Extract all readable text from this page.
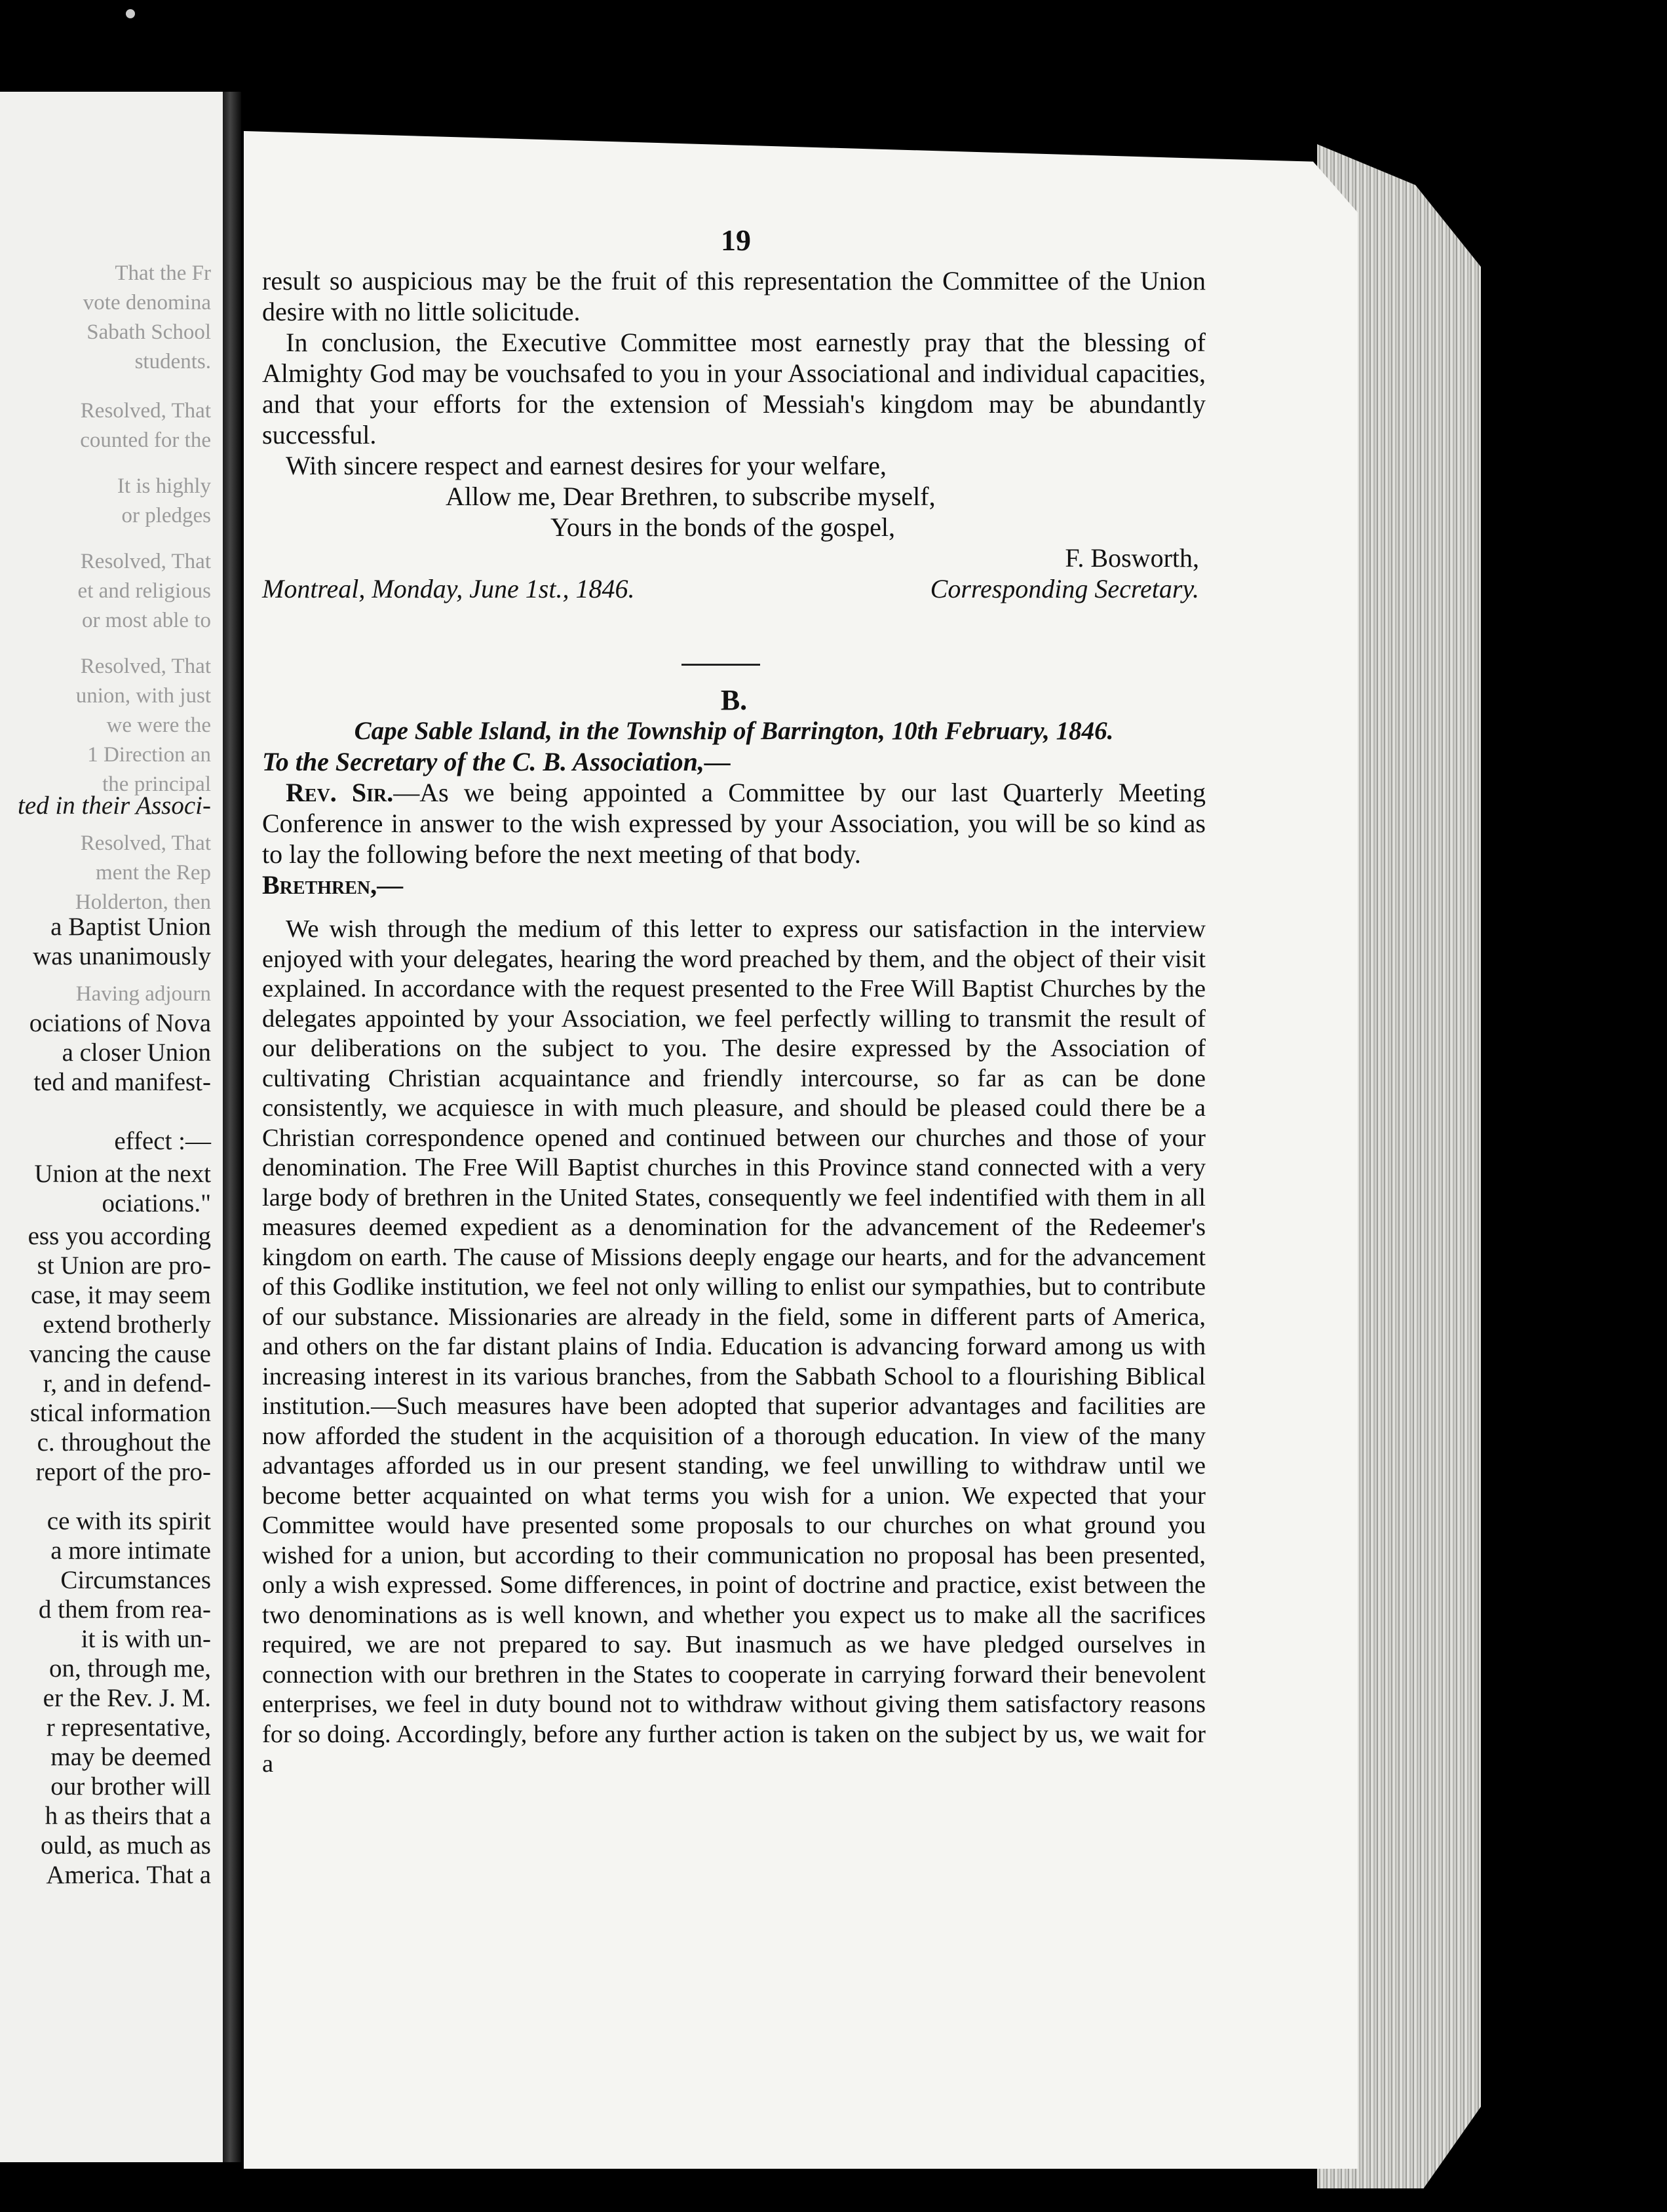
That the Fr
vote denomina
Sabath School
students.
Resolved, That
counted for the
It is highly
or pledges
Resolved, That
et and religious
or most able to
Resolved, That
union, with just
we were the
1 Direction an
the principal
ted in their Associ-
Resolved, That
ment the Rep
Holderton, then
a Baptist Union
was unanimously
Having adjourn
ociations of Nova
a closer Union
ted and manifest-
effect :—
Union at the next
ociations."
ess you according
st Union are pro-
case, it may seem
extend brotherly
vancing the cause
r, and in defend-
stical information
c. throughout the
report of the pro-
ce with its spirit
a more intimate
Circumstances
d them from rea-
it is with un-
on, through me,
er the Rev. J. M.
r representative,
may be deemed
our brother will
h as theirs that a
ould, as much as
America. That a
19

result so auspicious may be the fruit of this representation the Committee of the Union desire with no little solicitude.

In conclusion, the Executive Committee most earnestly pray that the blessing of Almighty God may be vouchsafed to you in your Associational and individual capacities, and that your efforts for the extension of Messiah's kingdom may be abundantly successful.

With sincere respect and earnest desires for your welfare,

Allow me, Dear Brethren, to subscribe myself,

Yours in the bonds of the gospel,

F. Bosworth,

Montreal, Monday, June 1st., 1846.	Corresponding Secretary.

B.

Cape Sable Island, in the Township of Barrington, 10th February, 1846.

To the Secretary of the C. B. Association,—

Rev. Sir.—As we being appointed a Committee by our last Quarterly Meeting Conference in answer to the wish expressed by your Association, you will be so kind as to lay the following before the next meeting of that body.

Brethren,—

We wish through the medium of this letter to express our satisfaction in the interview enjoyed with your delegates, hearing the word preached by them, and the object of their visit explained. In accordance with the request presented to the Free Will Baptist Churches by the delegates appointed by your Association, we feel perfectly willing to transmit the result of our deliberations on the subject to you. The desire expressed by the Association of cultivating Christian acquaintance and friendly intercourse, so far as can be done consistently, we acquiesce in with much pleasure, and should be pleased could there be a Christian correspondence opened and continued between our churches and those of your denomination. The Free Will Baptist churches in this Province stand connected with a very large body of brethren in the United States, consequently we feel indentified with them in all measures deemed expedient as a denomination for the advancement of the Redeemer's kingdom on earth. The cause of Missions deeply engage our hearts, and for the advancement of this Godlike institution, we feel not only willing to enlist our sympathies, but to contribute of our substance. Missionaries are already in the field, some in different parts of America, and others on the far distant plains of India. Education is advancing forward among us with increasing interest in its various branches, from the Sabbath School to a flourishing Biblical institution.—Such measures have been adopted that superior advantages and facilities are now afforded the student in the acquisition of a thorough education. In view of the many advantages afforded us in our present standing, we feel unwilling to withdraw until we become better acquainted on what terms you wish for a union. We expected that your Committee would have presented some proposals to our churches on what ground you wished for a union, but according to their communication no proposal has been presented, only a wish expressed. Some differences, in point of doctrine and practice, exist between the two denominations as is well known, and whether you expect us to make all the sacrifices required, we are not prepared to say. But inasmuch as we have pledged ourselves in connection with our brethren in the States to cooperate in carrying forward their benevolent enterprises, we feel in duty bound not to withdraw without giving them satisfactory reasons for so doing. Accordingly, before any further action is taken on the subject by us, we wait for a
